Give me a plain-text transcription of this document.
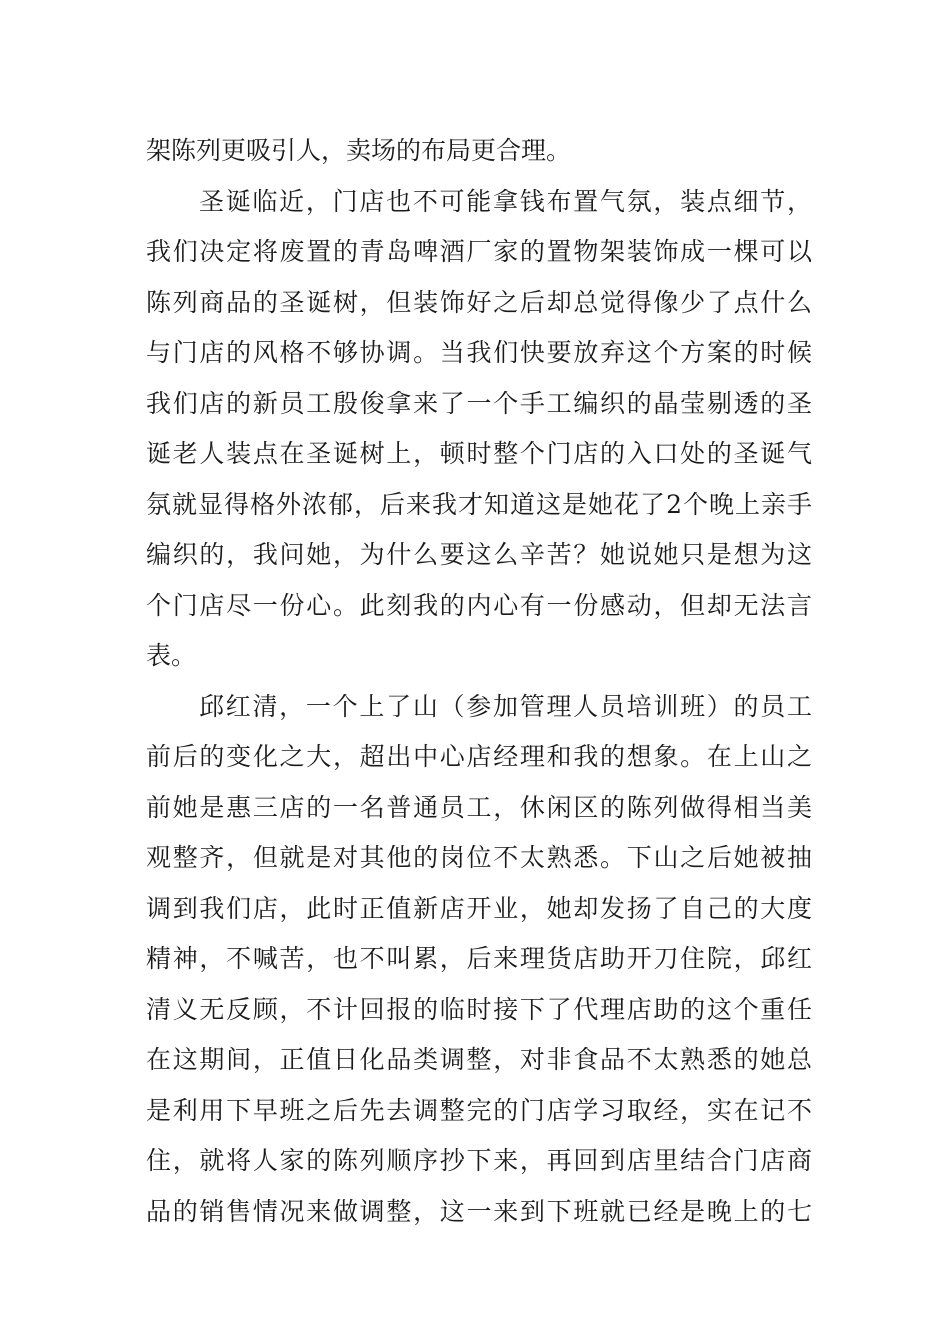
架陈列更吸引人，卖场的布局更合理。
圣诞临近，门店也不可能拿钱布置气氛，装点细节，
我们决定将废置的青岛啤酒厂家的置物架装饰成一棵可以
陈列商品的圣诞树，但装饰好之后却总觉得像少了点什么
与门店的风格不够协调。当我们快要放弃这个方案的时候
我们店的新员工殷俊拿来了一个手工编织的晶莹剔透的圣
诞老人装点在圣诞树上，顿时整个门店的入口处的圣诞气
氛就显得格外浓郁，后来我才知道这是她花了2个晚上亲手
编织的，我问她，为什么要这么辛苦？她说她只是想为这
个门店尽一份心。此刻我的内心有一份感动，但却无法言
表。
邱红清，一个上了山（参加管理人员培训班）的员工
前后的变化之大，超出中心店经理和我的想象。在上山之
前她是惠三店的一名普通员工，休闲区的陈列做得相当美
观整齐，但就是对其他的岗位不太熟悉。下山之后她被抽
调到我们店，此时正值新店开业，她却发扬了自己的大度
精神，不喊苦，也不叫累，后来理货店助开刀住院，邱红
清义无反顾，不计回报的临时接下了代理店助的这个重任
在这期间，正值日化品类调整，对非食品不太熟悉的她总
是利用下早班之后先去调整完的门店学习取经，实在记不
住，就将人家的陈列顺序抄下来，再回到店里结合门店商
品的销售情况来做调整，这一来到下班就已经是晚上的七
